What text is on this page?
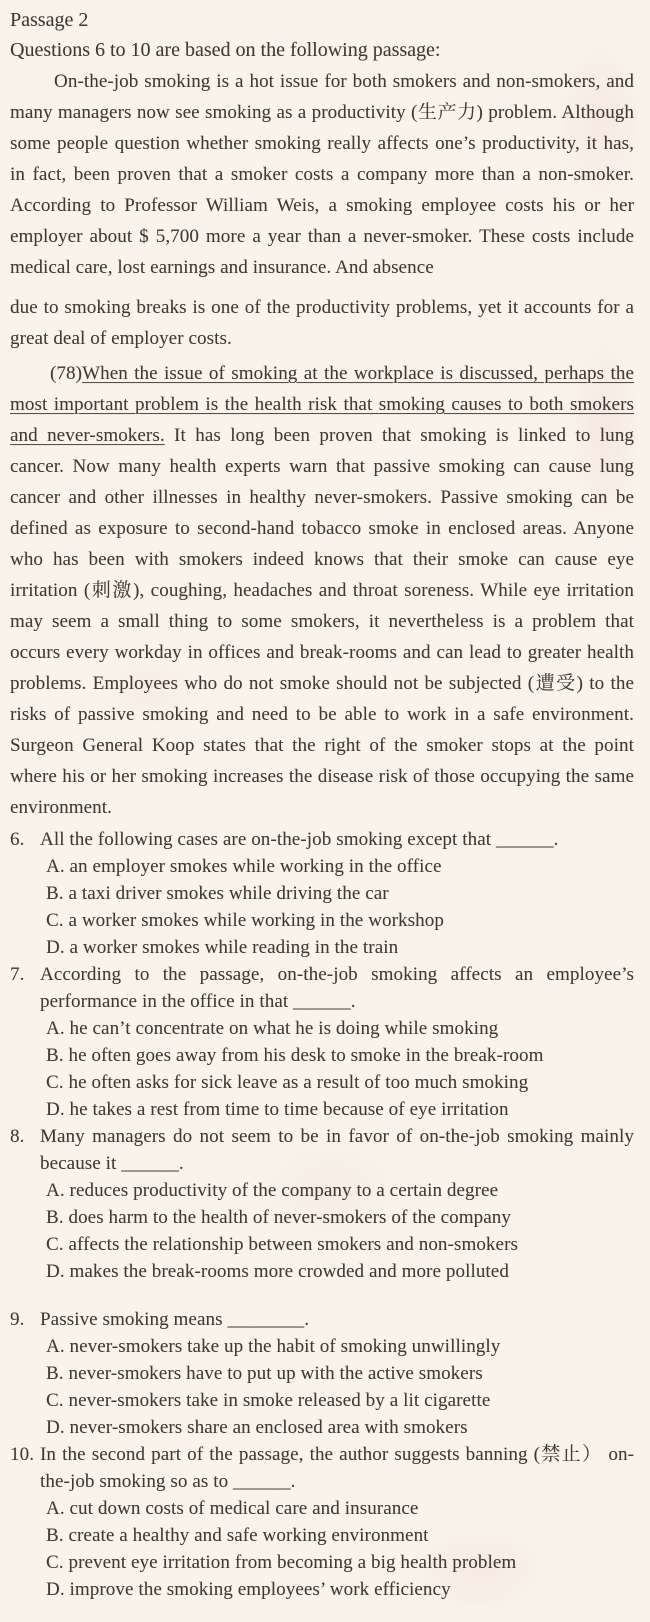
Passage 2
Questions 6 to 10 are based on the following passage:

On-the-job smoking is a hot issue for both smokers and non-smokers, and many managers now see smoking as a productivity (生产力) problem. Although some people question whether smoking really affects one’s productivity, it has, in fact, been proven that a smoker costs a company more than a non-smoker. According to Professor William Weis, a smoking employee costs his or her employer about $ 5,700 more a year than a never-smoker. These costs include medical care, lost earnings and insurance. And absence

due to smoking breaks is one of the productivity problems, yet it accounts for a great deal of employer costs.

(78)When the issue of smoking at the workplace is discussed, perhaps the most important problem is the health risk that smoking causes to both smokers and never-smokers. It has long been proven that smoking is linked to lung cancer. Now many health experts warn that passive smoking can cause lung cancer and other illnesses in healthy never-smokers. Passive smoking can be defined as exposure to second-hand tobacco smoke in enclosed areas. Anyone who has been with smokers indeed knows that their smoke can cause eye irritation (刺激), coughing, headaches and throat soreness. While eye irritation may seem a small thing to some smokers, it nevertheless is a problem that occurs every workday in offices and break-rooms and can lead to greater health problems. Employees who do not smoke should not be subjected (遭受) to the risks of passive smoking and need to be able to work in a safe environment. Surgeon General Koop states that the right of the smoker stops at the point where his or her smoking increases the disease risk of those occupying the same environment.

6. All the following cases are on-the-job smoking except that ______.
A. an employer smokes while working in the office
B. a taxi driver smokes while driving the car
C. a worker smokes while working in the workshop
D. a worker smokes while reading in the train
7. According to the passage, on-the-job smoking affects an employee’s performance in the office in that ______.
A. he can’t concentrate on what he is doing while smoking
B. he often goes away from his desk to smoke in the break-room
C. he often asks for sick leave as a result of too much smoking
D. he takes a rest from time to time because of eye irritation
8. Many managers do not seem to be in favor of on-the-job smoking mainly because it ______.
A. reduces productivity of the company to a certain degree
B. does harm to the health of never-smokers of the company
C. affects the relationship between smokers and non-smokers
D. makes the break-rooms more crowded and more polluted
9. Passive smoking means ________.
A. never-smokers take up the habit of smoking unwillingly
B. never-smokers have to put up with the active smokers
C. never-smokers take in smoke released by a lit cigarette
D. never-smokers share an enclosed area with smokers
10. In the second part of the passage, the author suggests banning (禁止） on-the-job smoking so as to ______.
A. cut down costs of medical care and insurance
B. create a healthy and safe working environment
C. prevent eye irritation from becoming a big health problem
D. improve the smoking employees’ work efficiency
